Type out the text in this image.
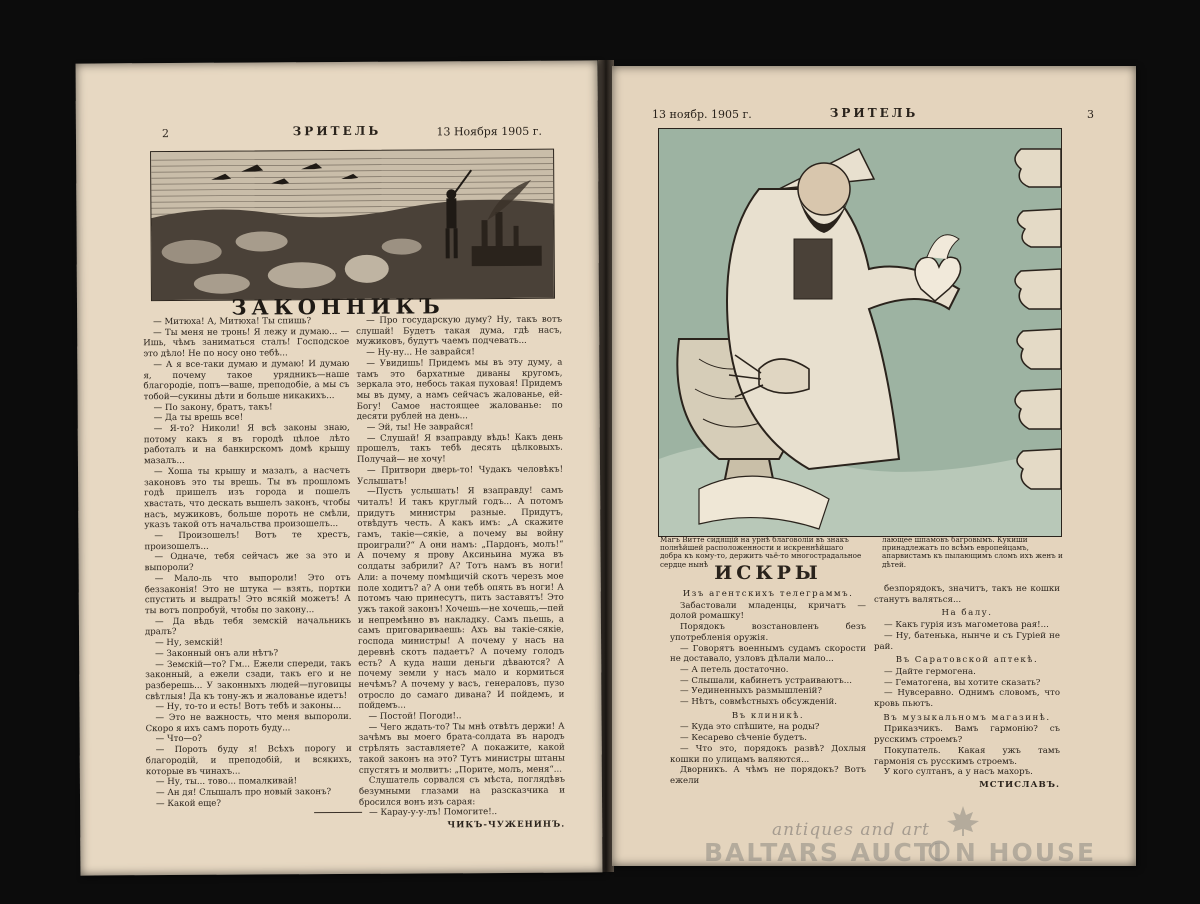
2	ЗРИТЕЛЬ	13 Ноября 1905 г.
ЗАКОННИКЪ

— Митюха! А, Митюха! Ты спишь?

— Ты меня не тронь! Я лежу и думаю... — Ишь, чѣмъ заниматься сталъ! Господское это дѣло! Не по носу оно тебѣ...

— А я все-таки думаю и думаю! И думаю я, почему такое урядникъ—наше благородіе, попъ—ваше, преподобіе, а мы съ тобой—сукины дѣти и больше никакихъ...

— По закону, братъ, такъ!

— Да ты врешь все!

— Я-то? Николи! Я всѣ законы знаю, потому какъ я въ городѣ цѣлое лѣто работалъ и на банкирскомъ домѣ крышу мазалъ...

— Хоша ты крышу и мазалъ, а насчетъ законовъ это ты врешь. Ты въ прошломъ годѣ пришелъ изъ города и пошелъ хвастать, что дескать вышелъ законъ, чтобы насъ, мужиковъ, больше пороть не смѣли, указъ такой отъ начальства произошелъ...

— Произошелъ! Вотъ те хрестъ, произошелъ...

— Одначе, тебя сейчасъ же за это и выпороли?

— Мало-ль что выпороли! Это отъ беззаконія! Это не штука — взять, портки спустить и выдрать! Это всякій можетъ! А ты вотъ попробуй, чтобы по закону...

— Да вѣдь тебя земскій начальникъ дралъ?

— Ну, земскій!

— Законный онъ али нѣтъ?

— Земскій—то? Гм... Ежели спереди, такъ законный, а ежели сзади, такъ его и не разберешь... У законныхъ людей—пуговицы свѣтлыя! Да къ тону-жъ и жалованье идетъ!

— Ну, то-то и есть! Вотъ тебѣ и законы...

— Это не важность, что меня выпороли. Скоро я ихъ самъ пороть буду...

— Что—о?

— Пороть буду я! Всѣхъ порогу и благородій, и преподобій, и всякихъ, которые въ чинахъ...

— Ну, ты... тово... помалкивай!

— Ан дя! Слышалъ про новый законъ?

— Какой еще?

— Про государскую думу? Ну, такъ вотъ слушай! Будетъ такая дума, гдѣ насъ, мужиковъ, будутъ чаемъ подчевать...

— Ну-ну... Не заврайся!

— Увидишь! Придемъ мы въ эту думу, а тамъ это бархатные диваны кругомъ, зеркала это, небось такая пуховая! Придемъ мы въ думу, а намъ сейчасъ жалованье, ей-Богу! Самое настоящее жалованье: по десяти рублей на день...

— Эй, ты! Не заврайся!

— Слушай! Я взаправду вѣдь! Какъ день прошелъ, такъ тебѣ десять цѣлковыхъ. Получай— не хочу!

— Притвори дверь-то! Чудакъ человѣкъ! Услышатъ!

—Пусть услышать! Я взаправду! самъ читалъ! И такъ круглый годъ... А потомъ придутъ министры разные. Придутъ, отвѣдутъ честь. А какъ имъ: „А скажите гамъ, такіе—сякіе, а почему вы войну проиграли?“ А они намъ: „Пардонъ, молъ!“ А почему я прову Аксиньина мужа въ солдаты забрили? А? Тотъ намъ въ ноги! Али: а почему помѣщичій скотъ черезъ мое поле ходитъ? а? А они тебѣ опять въ ноги! А потомъ чаю принесутъ, пить заставятъ! Это ужъ такой законъ! Хочешь—не хочешь,—пей и непремѣнно въ накладку. Самъ пьешь, а самъ приговариваешь: Ахъ вы такіе-сякіе, господа министры! А почему у насъ на деревнѣ скотъ падаетъ? А почему голодъ есть? А куда наши деньги дѣваются? А почему земли у насъ мало и кормиться нечѣмъ? А почему у васъ, генераловъ, пузо отросло до самаго дивана? И пойдемъ, и пойдемъ...

— Постой! Погоди!..

— Чего ждать-то? Ты мнѣ отвѣтъ держи! А зачѣмъ вы моего брата-солдата въ народъ стрѣлять заставляете? А покажите, какой такой законъ на это? Тутъ министры штаны спустятъ и молвитъ: „Порите, молъ, меня“...

Слушатель сорвался съ мѣста, поглядѣвъ безумными глазами на разсказчика и бросился вонъ изъ сарая:

— Караy-у-у-лъ! Помогите!..

ЧИКЪ-ЧУЖЕНИНЪ.
13 ноябр. 1905 г.	ЗРИТЕЛЬ	3
Магъ Витте сидящій на урнѣ благоволіи въ знакъ полнѣйшей расположенности и искреннѣйшаго добра къ кому-то, держитъ чьё-то многострадальное сердце нынѣ
лающее шпамовъ багровымъ. Кукиши принадлежатъ по всѣмъ европейцамъ, апарвистамъ къ пылающимъ сломъ ихъ женъ и дѣтей.
ИСКРЫ
Изъ агентскихъ телеграммъ.

Забастовали младенцы, кричатъ — долой ромашку!

Порядокъ возстановленъ безъ употребленія оружія.

— Говорятъ военнымъ судамъ скорости не доставало, узловъ дѣлали мало...

— А петель достаточно.

— Слышали, кабинетъ устраиваютъ...

— Уединенныхъ размышленій?

— Нѣтъ, совмѣстныхъ обсужденій.

Въ клиникѣ.

— Куда это спѣшите, на роды?

— Кесарево сѣченіе будетъ.

— Что это, порядокъ развѣ? Дохлыя кошки по улицамъ валяются...

Дворникъ. А чѣмъ не порядокъ? Вотъ ежели

безпорядокъ, значитъ, такъ не кошки станутъ валяться...

На балу.

— Какъ гурія изъ магометова рая!...

— Ну, батенька, нынче и съ Гуріей не рай.

Въ Саратовской аптекѣ.

— Дайте гермогена.

— Гематогена, вы хотите сказать?

— Нувсеравно. Однимъ словомъ, что кровь пьютъ.

Въ музыкальномъ магазинѣ.

Приказчикъ. Вамъ гармонію? съ русскимъ строемъ?

Покупатель. Какая ужъ тамъ гармонія съ русскимъ строемъ.

У кого султанъ, а у насъ махоръ.

МСТИСЛАВЪ.
antiques and art
BALTARS AUCTI N HOUSE
